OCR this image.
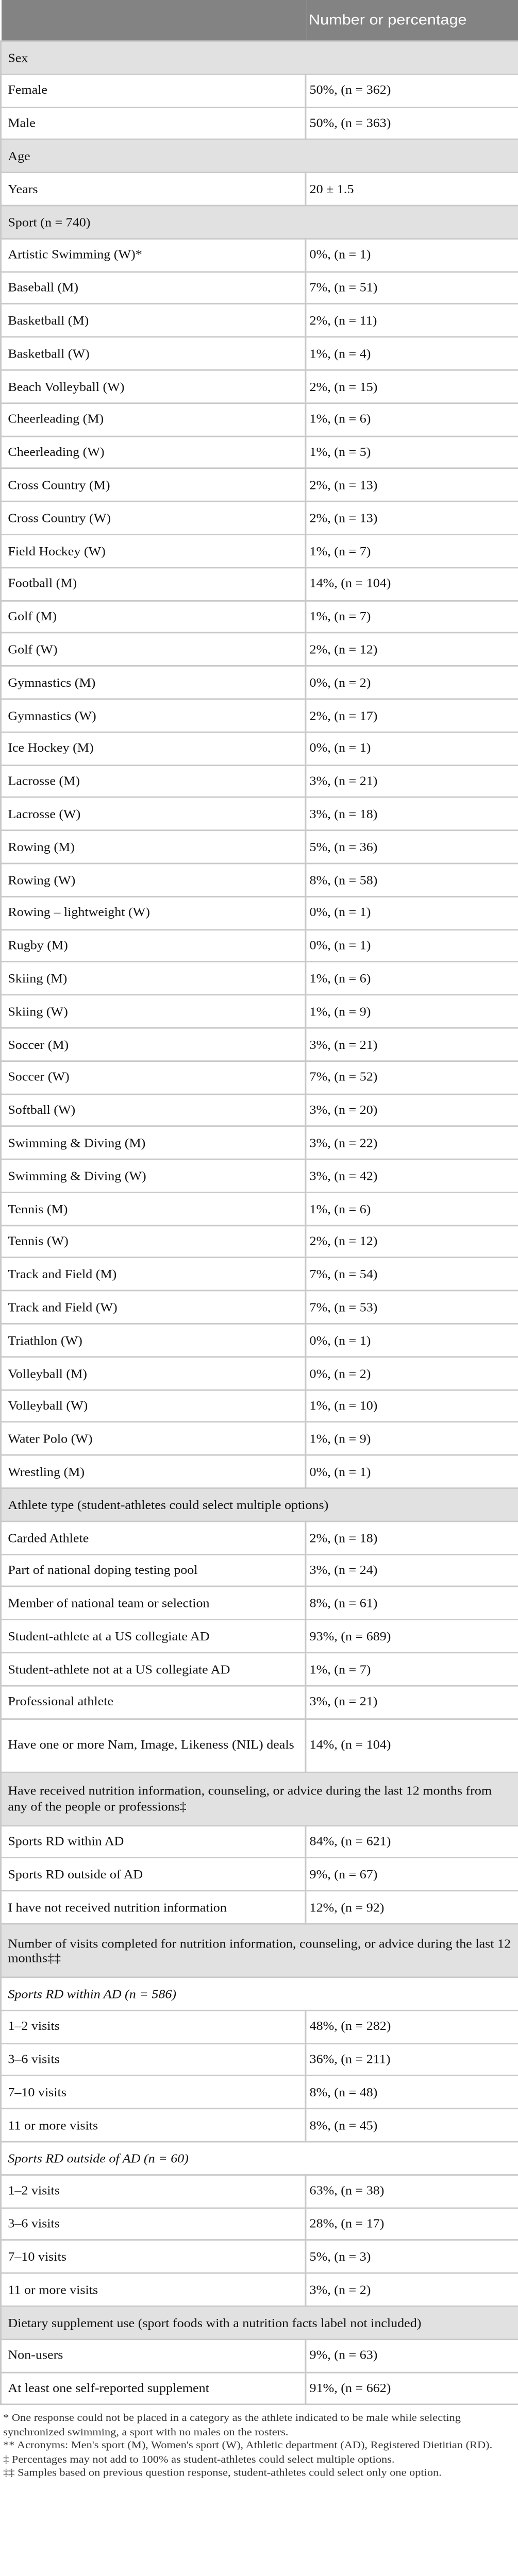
	Number or percentage
Sex	
Female	50%, (n = 362)
Male	50%, (n = 363)
Age	
Years	20 ± 1.5
Sport (n = 740)	
Artistic Swimming (W)*	0%, (n = 1)
Baseball (M)	7%, (n = 51)
Basketball (M)	2%, (n = 11)
Basketball (W)	1%, (n = 4)
Beach Volleyball (W)	2%, (n = 15)
Cheerleading (M)	1%, (n = 6)
Cheerleading (W)	1%, (n = 5)
Cross Country (M)	2%, (n = 13)
Cross Country (W)	2%, (n = 13)
Field Hockey (W)	1%, (n = 7)
Football (M)	14%, (n = 104)
Golf (M)	1%, (n = 7)
Golf (W)	2%, (n = 12)
Gymnastics (M)	0%, (n = 2)
Gymnastics (W)	2%, (n = 17)
Ice Hockey (M)	0%, (n = 1)
Lacrosse (M)	3%, (n = 21)
Lacrosse (W)	3%, (n = 18)
Rowing (M)	5%, (n = 36)
Rowing (W)	8%, (n = 58)
Rowing – lightweight (W)	0%, (n = 1)
Rugby (M)	0%, (n = 1)
Skiing (M)	1%, (n = 6)
Skiing (W)	1%, (n = 9)
Soccer (M)	3%, (n = 21)
Soccer (W)	7%, (n = 52)
Softball (W)	3%, (n = 20)
Swimming & Diving (M)	3%, (n = 22)
Swimming & Diving (W)	3%, (n = 42)
Tennis (M)	1%, (n = 6)
Tennis (W)	2%, (n = 12)
Track and Field (M)	7%, (n = 54)
Track and Field (W)	7%, (n = 53)
Triathlon (W)	0%, (n = 1)
Volleyball (M)	0%, (n = 2)
Volleyball (W)	1%, (n = 10)
Water Polo (W)	1%, (n = 9)
Wrestling (M)	0%, (n = 1)
Athlete type (student-athletes could select multiple options)	
Carded Athlete	2%, (n = 18)
Part of national doping testing pool	3%, (n = 24)
Member of national team or selection	8%, (n = 61)
Student-athlete at a US collegiate AD	93%, (n = 689)
Student-athlete not at a US collegiate AD	1%, (n = 7)
Professional athlete	3%, (n = 21)
Have one or more Nam, Image, Likeness (NIL) deals	14%, (n = 104)
Have received nutrition information, counseling, or advice during the last 12 months from any of the people or professions‡	
Sports RD within AD	84%, (n = 621)
Sports RD outside of AD	9%, (n = 67)
I have not received nutrition information	12%, (n = 92)
Number of visits completed for nutrition information, counseling, or advice during the last 12 months‡‡	
Sports RD within AD (n = 586)	
1–2 visits	48%, (n = 282)
3–6 visits	36%, (n = 211)
7–10 visits	8%, (n = 48)
11 or more visits	8%, (n = 45)
Sports RD outside of AD (n = 60)	
1–2 visits	63%, (n = 38)
3–6 visits	28%, (n = 17)
7–10 visits	5%, (n = 3)
11 or more visits	3%, (n = 2)
Dietary supplement use (sport foods with a nutrition facts label not included)	
Non-users	9%, (n = 63)
At least one self-reported supplement	91%, (n = 662)

* One response could not be placed in a category as the athlete indicated to be male while selecting synchronized swimming, a sport with no males on the rosters.

** Acronyms: Men's sport (M), Women's sport (W), Athletic department (AD), Registered Dietitian (RD).

‡ Percentages may not add to 100% as student-athletes could select multiple options.

‡‡ Samples based on previous question response, student-athletes could select only one option.
